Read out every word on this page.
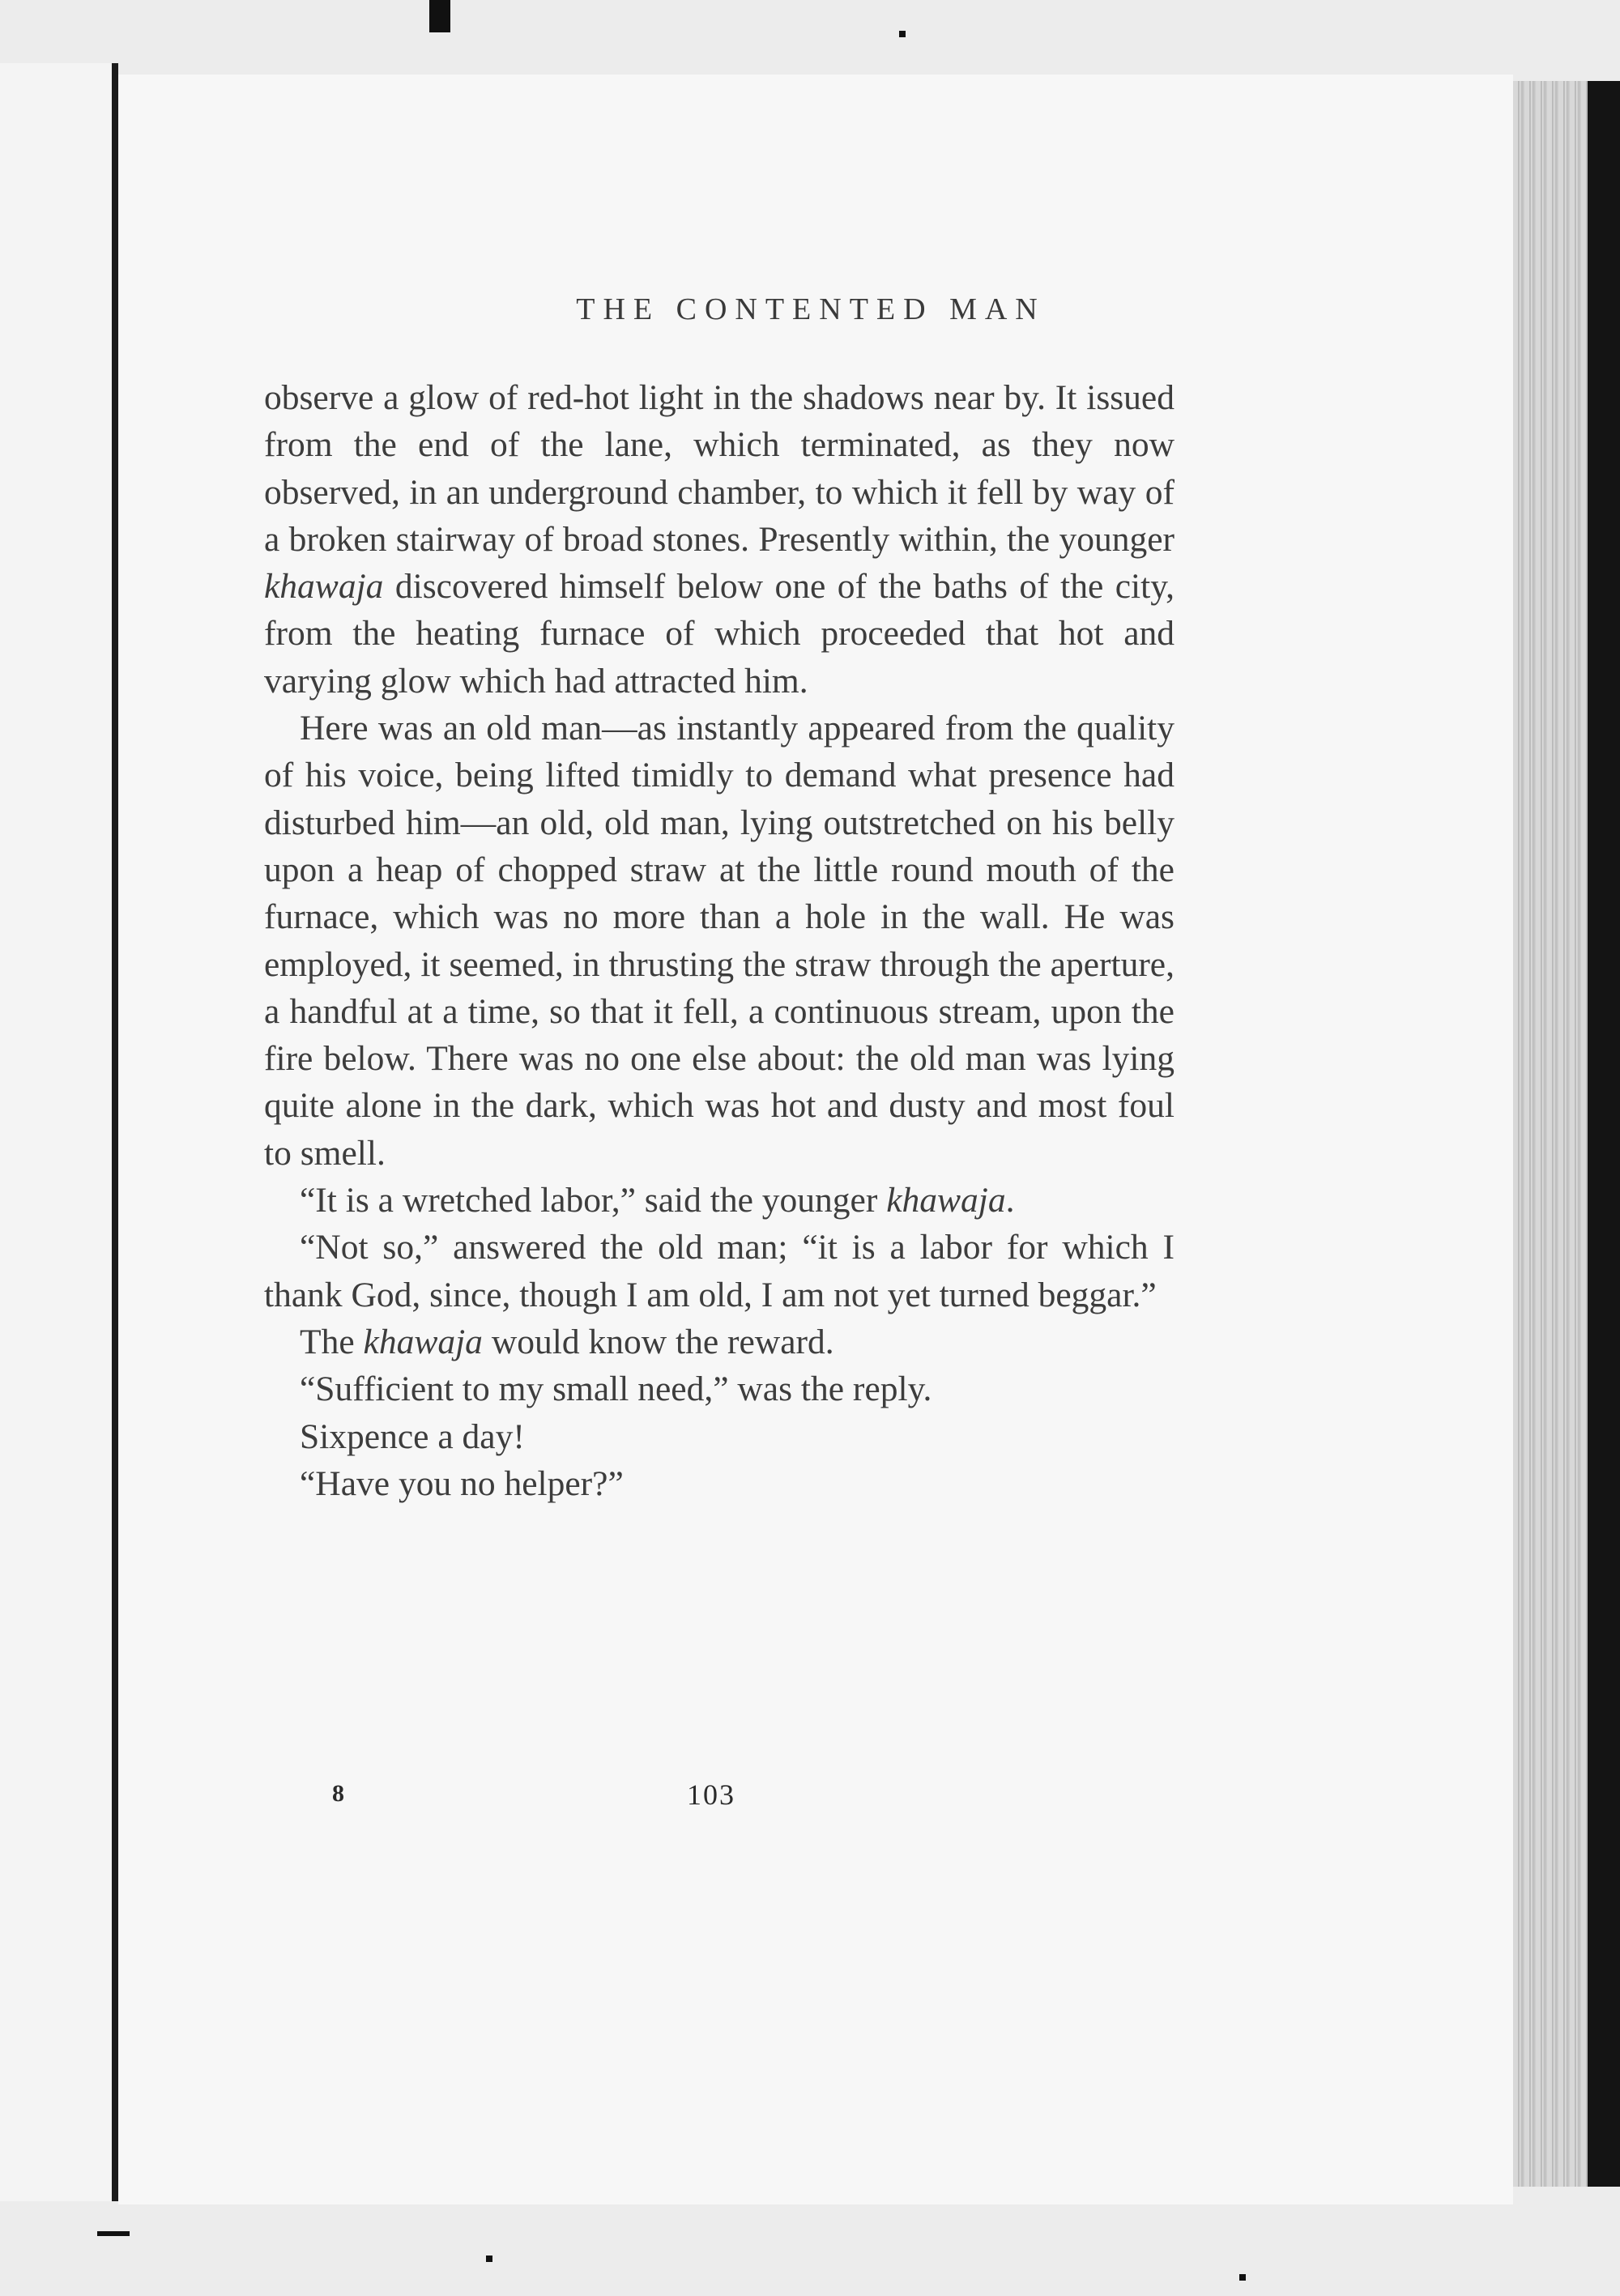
THE CONTENTED MAN

observe a glow of red-hot light in the shadows near by. It issued from the end of the lane, which terminated, as they now observed, in an underground chamber, to which it fell by way of a broken stairway of broad stones. Presently within, the younger khawaja discovered himself below one of the baths of the city, from the heating furnace of which proceeded that hot and varying glow which had attracted him.

Here was an old man—as instantly appeared from the quality of his voice, being lifted timidly to demand what presence had disturbed him—an old, old man, lying outstretched on his belly upon a heap of chopped straw at the little round mouth of the furnace, which was no more than a hole in the wall. He was employed, it seemed, in thrusting the straw through the aperture, a handful at a time, so that it fell, a continuous stream, upon the fire below. There was no one else about: the old man was lying quite alone in the dark, which was hot and dusty and most foul to smell.

“It is a wretched labor,” said the younger khawaja.

“Not so,” answered the old man; “it is a labor for which I thank God, since, though I am old, I am not yet turned beggar.”

The khawaja would know the reward.

“Sufficient to my small need,” was the reply.

Sixpence a day!

“Have you no helper?”

8	103
